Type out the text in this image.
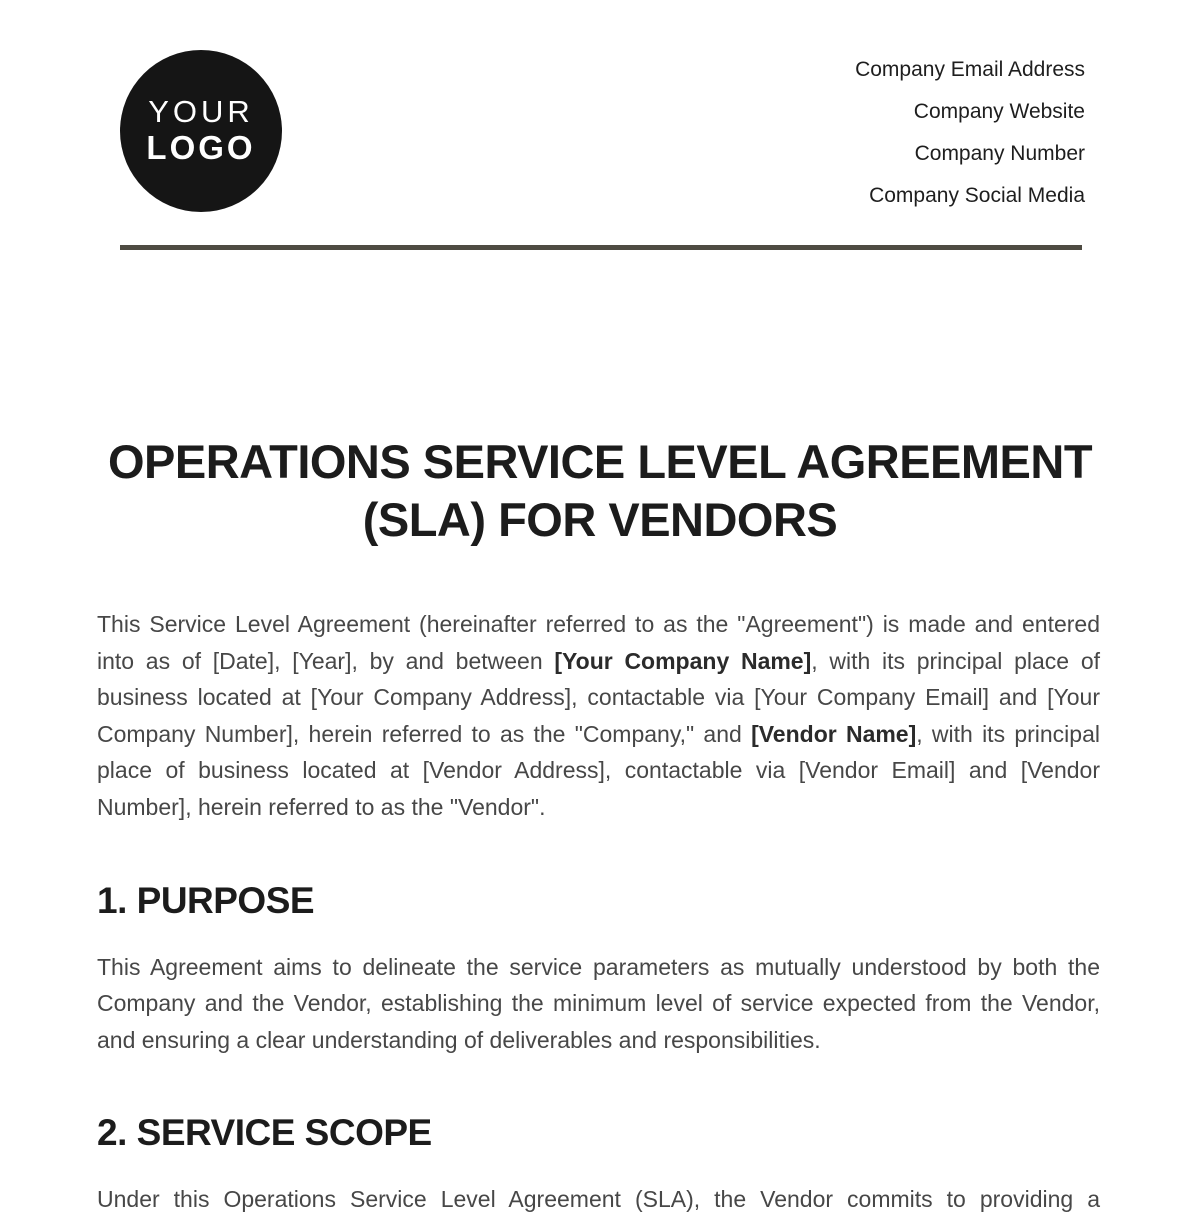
YOUR
LOGO
Company Email Address
Company Website
Company Number
Company Social Media
OPERATIONS SERVICE LEVEL AGREEMENT
(SLA) FOR VENDORS

This Service Level Agreement (hereinafter referred to as the "Agreement") is made and entered into as of [Date], [Year], by and between [Your Company Name], with its principal place of business located at [Your Company Address], contactable via [Your Company Email] and [Your Company Number], herein referred to as the "Company," and [Vendor Name], with its principal place of business located at [Vendor Address], contactable via [Vendor Email] and [Vendor Number], herein referred to as the "Vendor".

1. PURPOSE

This Agreement aims to delineate the service parameters as mutually understood by both the Company and the Vendor, establishing the minimum level of service expected from the Vendor, and ensuring a clear understanding of deliverables and responsibilities.

2. SERVICE SCOPE

Under this Operations Service Level Agreement (SLA), the Vendor commits to providing a
